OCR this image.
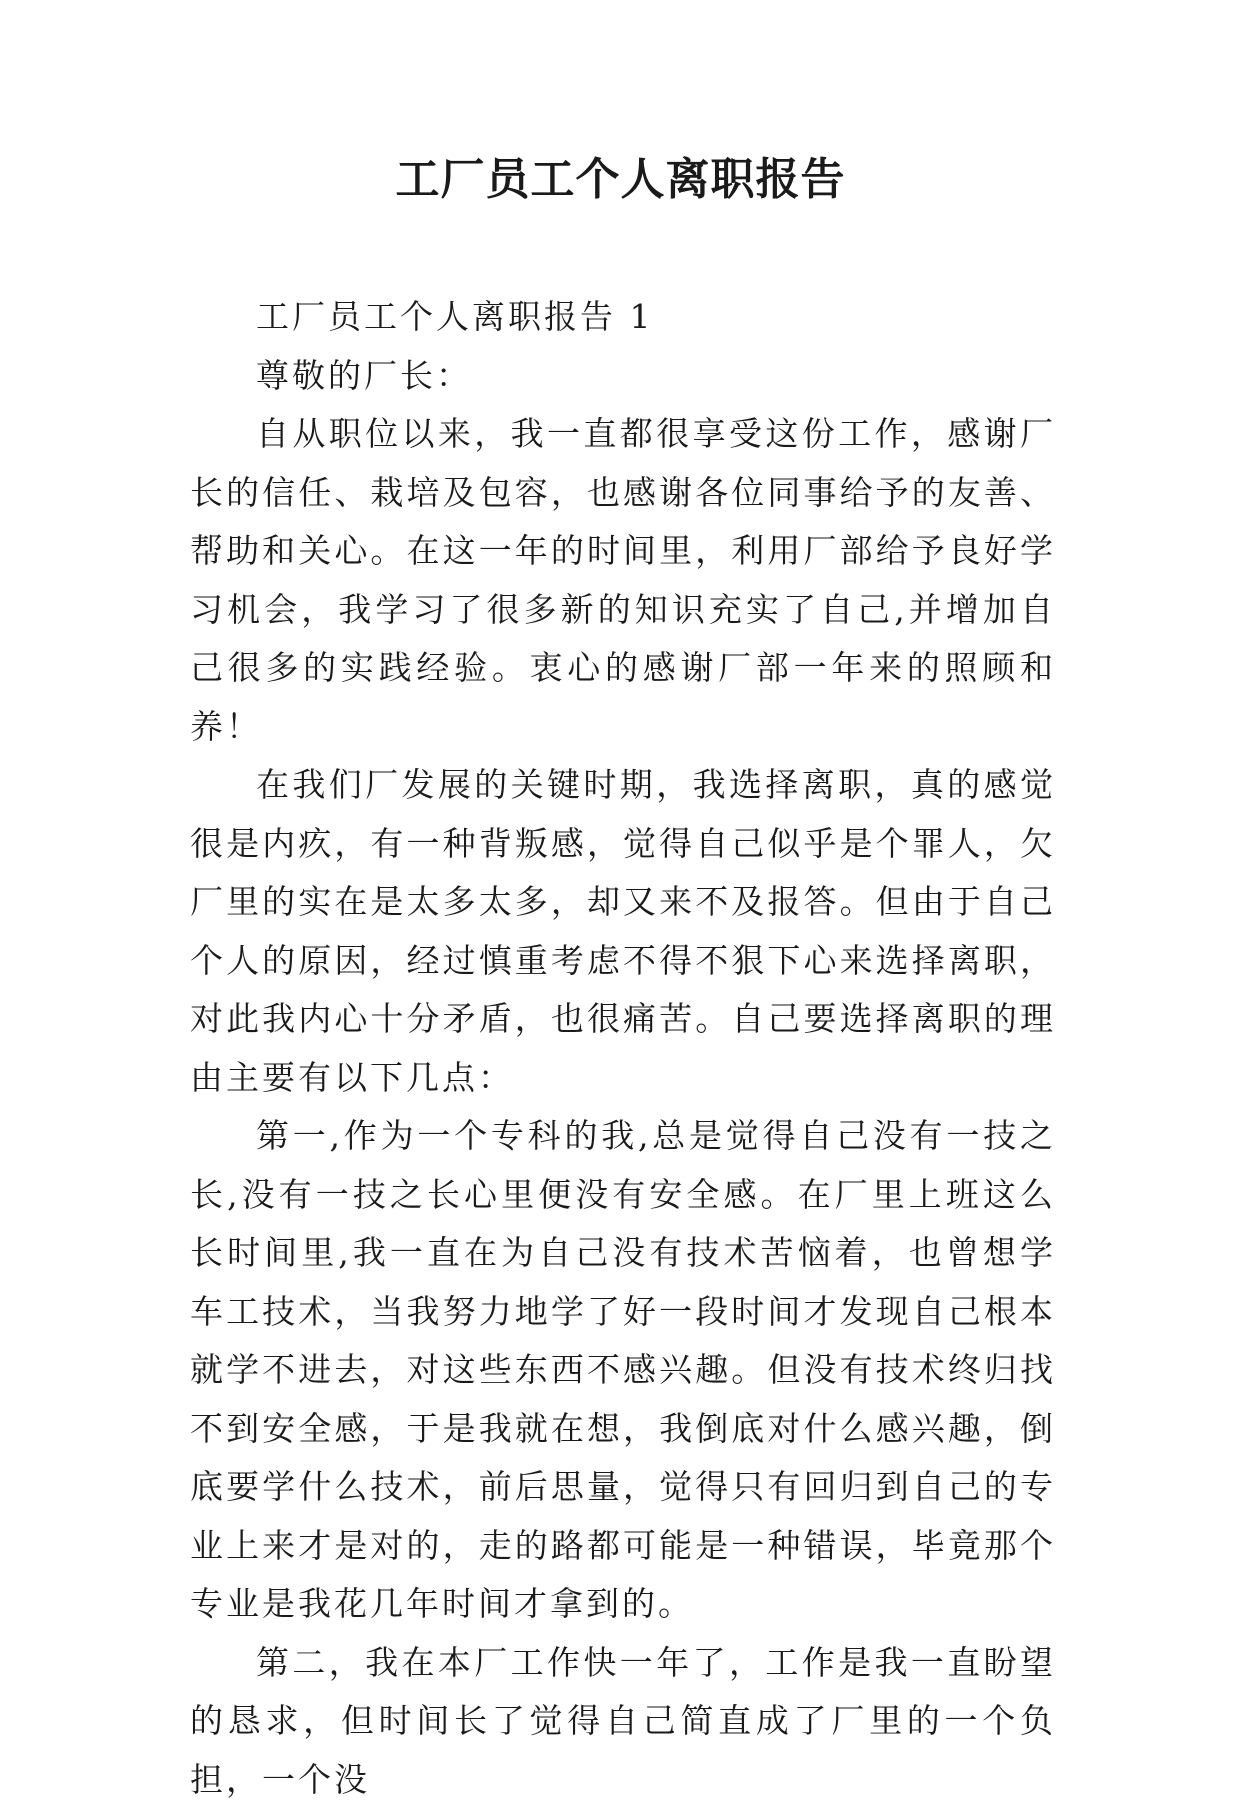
工厂员工个人离职报告

工厂员工个人离职报告 1

尊敬的厂长：

自从职位以来，我一直都很享受这份工作，感谢厂长的信任、栽培及包容，也感谢各位同事给予的友善、帮助和关心。在这一年的时间里，利用厂部给予良好学习机会，我学习了很多新的知识充实了自己,并增加自己很多的实践经验。衷心的感谢厂部一年来的照顾和养！

在我们厂发展的关键时期，我选择离职，真的感觉很是内疚，有一种背叛感，觉得自己似乎是个罪人，欠厂里的实在是太多太多，却又来不及报答。但由于自己个人的原因，经过慎重考虑不得不狠下心来选择离职，对此我内心十分矛盾，也很痛苦。自己要选择离职的理由主要有以下几点：

第一,作为一个专科的我,总是觉得自己没有一技之长,没有一技之长心里便没有安全感。在厂里上班这么长时间里,我一直在为自己没有技术苦恼着，也曾想学车工技术，当我努力地学了好一段时间才发现自己根本就学不进去，对这些东西不感兴趣。但没有技术终归找不到安全感，于是我就在想，我倒底对什么感兴趣，倒底要学什么技术，前后思量，觉得只有回归到自己的专业上来才是对的，走的路都可能是一种错误，毕竟那个专业是我花几年时间才拿到的。

第二，我在本厂工作快一年了，工作是我一直盼望的恳求，但时间长了觉得自己简直成了厂里的一个负担，一个没
